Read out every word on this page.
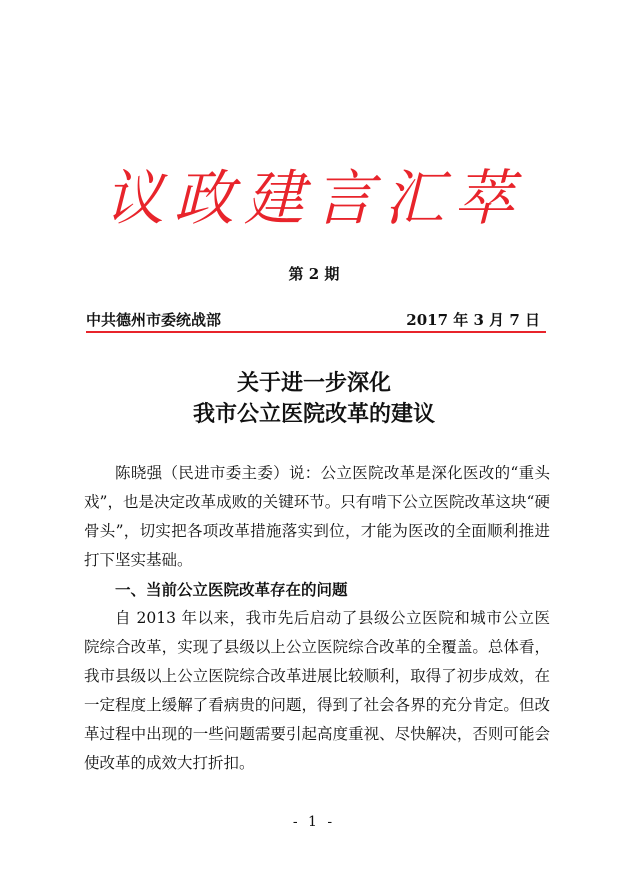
议政建言汇萃
第 2 期
中共德州市委统战部	2017 年 3 月 7 日
关于进一步深化
我市公立医院改革的建议

陈晓强（民进市委主委）说：公立医院改革是深化医改的“重头戏”，也是决定改革成败的关键环节。只有啃下公立医院改革这块“硬骨头”，切实把各项改革措施落实到位，才能为医改的全面顺利推进打下坚实基础。

一、当前公立医院改革存在的问题

自 2013 年以来，我市先后启动了县级公立医院和城市公立医院综合改革，实现了县级以上公立医院综合改革的全覆盖。总体看，我市县级以上公立医院综合改革进展比较顺利，取得了初步成效，在一定程度上缓解了看病贵的问题，得到了社会各界的充分肯定。但改革过程中出现的一些问题需要引起高度重视、尽快解决，否则可能会使改革的成效大打折扣。

- 1 -
